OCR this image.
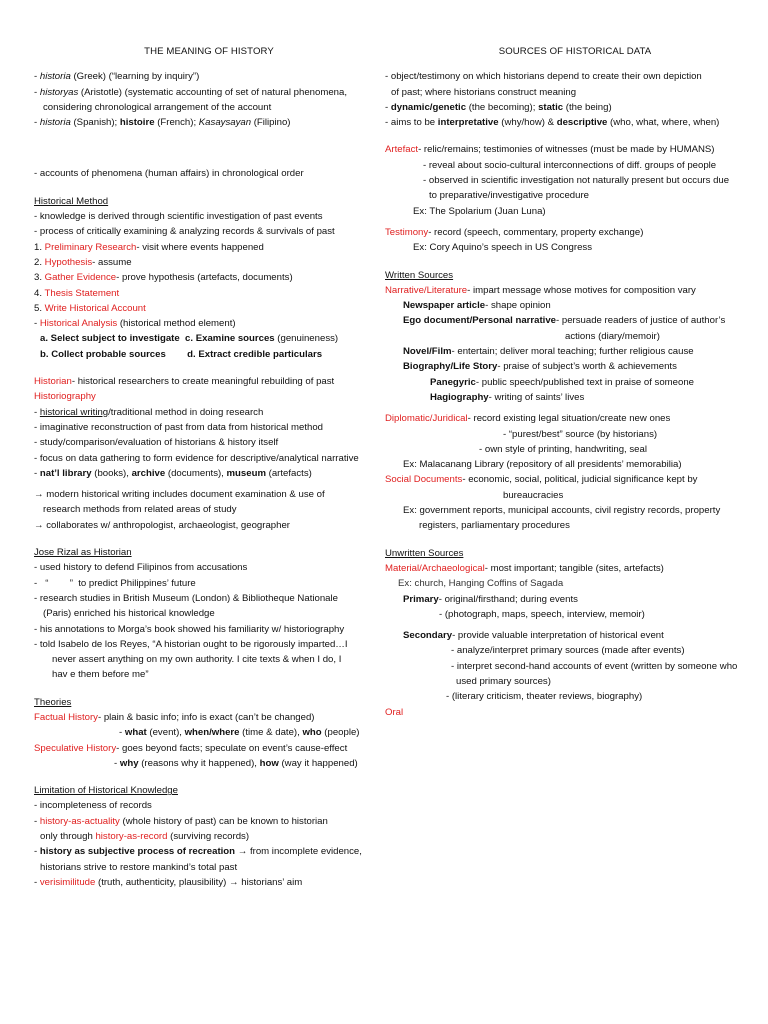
THE MEANING OF HISTORY
- historia (Greek) (“learning by inquiry”)
- historyas (Aristotle) (systematic accounting of set of natural phenomena,
considering chronological arrangement of the account
- historia (Spanish); histoire (French); Kasaysayan (Filipino)
- accounts of phenomena (human affairs) in chronological order
Historical Method
- knowledge is derived through scientific investigation of past events
- process of critically examining & analyzing records & survivals of past
1. Preliminary Research- visit where events happened
2. Hypothesis- assume
3. Gather Evidence- prove hypothesis (artefacts, documents)
4. Thesis Statement
5. Write Historical Account
- Historical Analysis (historical method element)
a. Select subject to investigate c. Examine sources (genuineness)
b. Collect probable sources d. Extract credible particulars
Historian- historical researchers to create meaningful rebuilding of past
Historiography
- historical writing/traditional method in doing research
- imaginative reconstruction of past from data from historical method
- study/comparison/evaluation of historians & history itself
- focus on data gathering to form evidence for descriptive/analytical narrative
- nat’l library (books), archive (documents), museum (artefacts)
→ modern historical writing includes document examination & use of
research methods from related areas of study
→ collaborates w/ anthropologist, archaeologist, geographer
Jose Rizal as Historian
- used history to defend Filipinos from accusations
-   “        ”  to predict Philippines’ future
- research studies in British Museum (London) & Bibliotheque Nationale
(Paris) enriched his historical knowledge
- his annotations to Morga’s book showed his familiarity w/ historiography
- told Isabelo de los Reyes, “A historian ought to be rigorously imparted…I
never assert anything on my own authority. I cite texts & when I do, I
hav e them before me”
Theories
Factual History- plain & basic info; info is exact (can’t be changed)
- what (event), when/where (time & date), who (people)
Speculative History- goes beyond facts; speculate on event’s cause-effect
- why (reasons why it happened), how (way it happened)
Limitation of Historical Knowledge
- incompleteness of records
- history-as-actuality (whole history of past) can be known to historian
only through history-as-record (surviving records)
- history as subjective process of recreation → from incomplete evidence,
historians strive to restore mankind’s total past
- verisimilitude (truth, authenticity, plausibility) → historians’ aim
SOURCES OF HISTORICAL DATA
- object/testimony on which historians depend to create their own depiction
of past; where historians construct meaning
- dynamic/genetic (the becoming); static (the being)
- aims to be interpretative (why/how) & descriptive (who, what, where, when)
Artefact- relic/remains; testimonies of witnesses (must be made by HUMANS)
- reveal about socio-cultural interconnections of diff. groups of people
- observed in scientific investigation not naturally present but occurs due
to preparative/investigative procedure
Ex: The Spolarium (Juan Luna)
Testimony- record (speech, commentary, property exchange)
Ex: Cory Aquino’s speech in US Congress
Written Sources
Narrative/Literature- impart message whose motives for composition vary
Newspaper article- shape opinion
Ego document/Personal narrative- persuade readers of justice of author’s
actions (diary/memoir)
Novel/Film- entertain; deliver moral teaching; further religious cause
Biography/Life Story- praise of subject’s worth & achievements
Panegyric- public speech/published text in praise of someone
Hagiography- writing of saints’ lives
Diplomatic/Juridical- record existing legal situation/create new ones
- “purest/best” source (by historians)
- own style of printing, handwriting, seal
Ex: Malacanang Library (repository of all presidents’ memorabilia)
Social Documents- economic, social, political, judicial significance kept by
bureaucracies
Ex: government reports, municipal accounts, civil registry records, property
registers, parliamentary procedures
Unwritten Sources
Material/Archaeological- most important; tangible (sites, artefacts)
Ex: church, Hanging Coffins of Sagada
Primary- original/firsthand; during events
- (photograph, maps, speech, interview, memoir)
Secondary- provide valuable interpretation of historical event
- analyze/interpret primary sources (made after events)
- interpret second-hand accounts of event (written by someone who
used primary sources)
- (literary criticism, theater reviews, biography)
Oral
